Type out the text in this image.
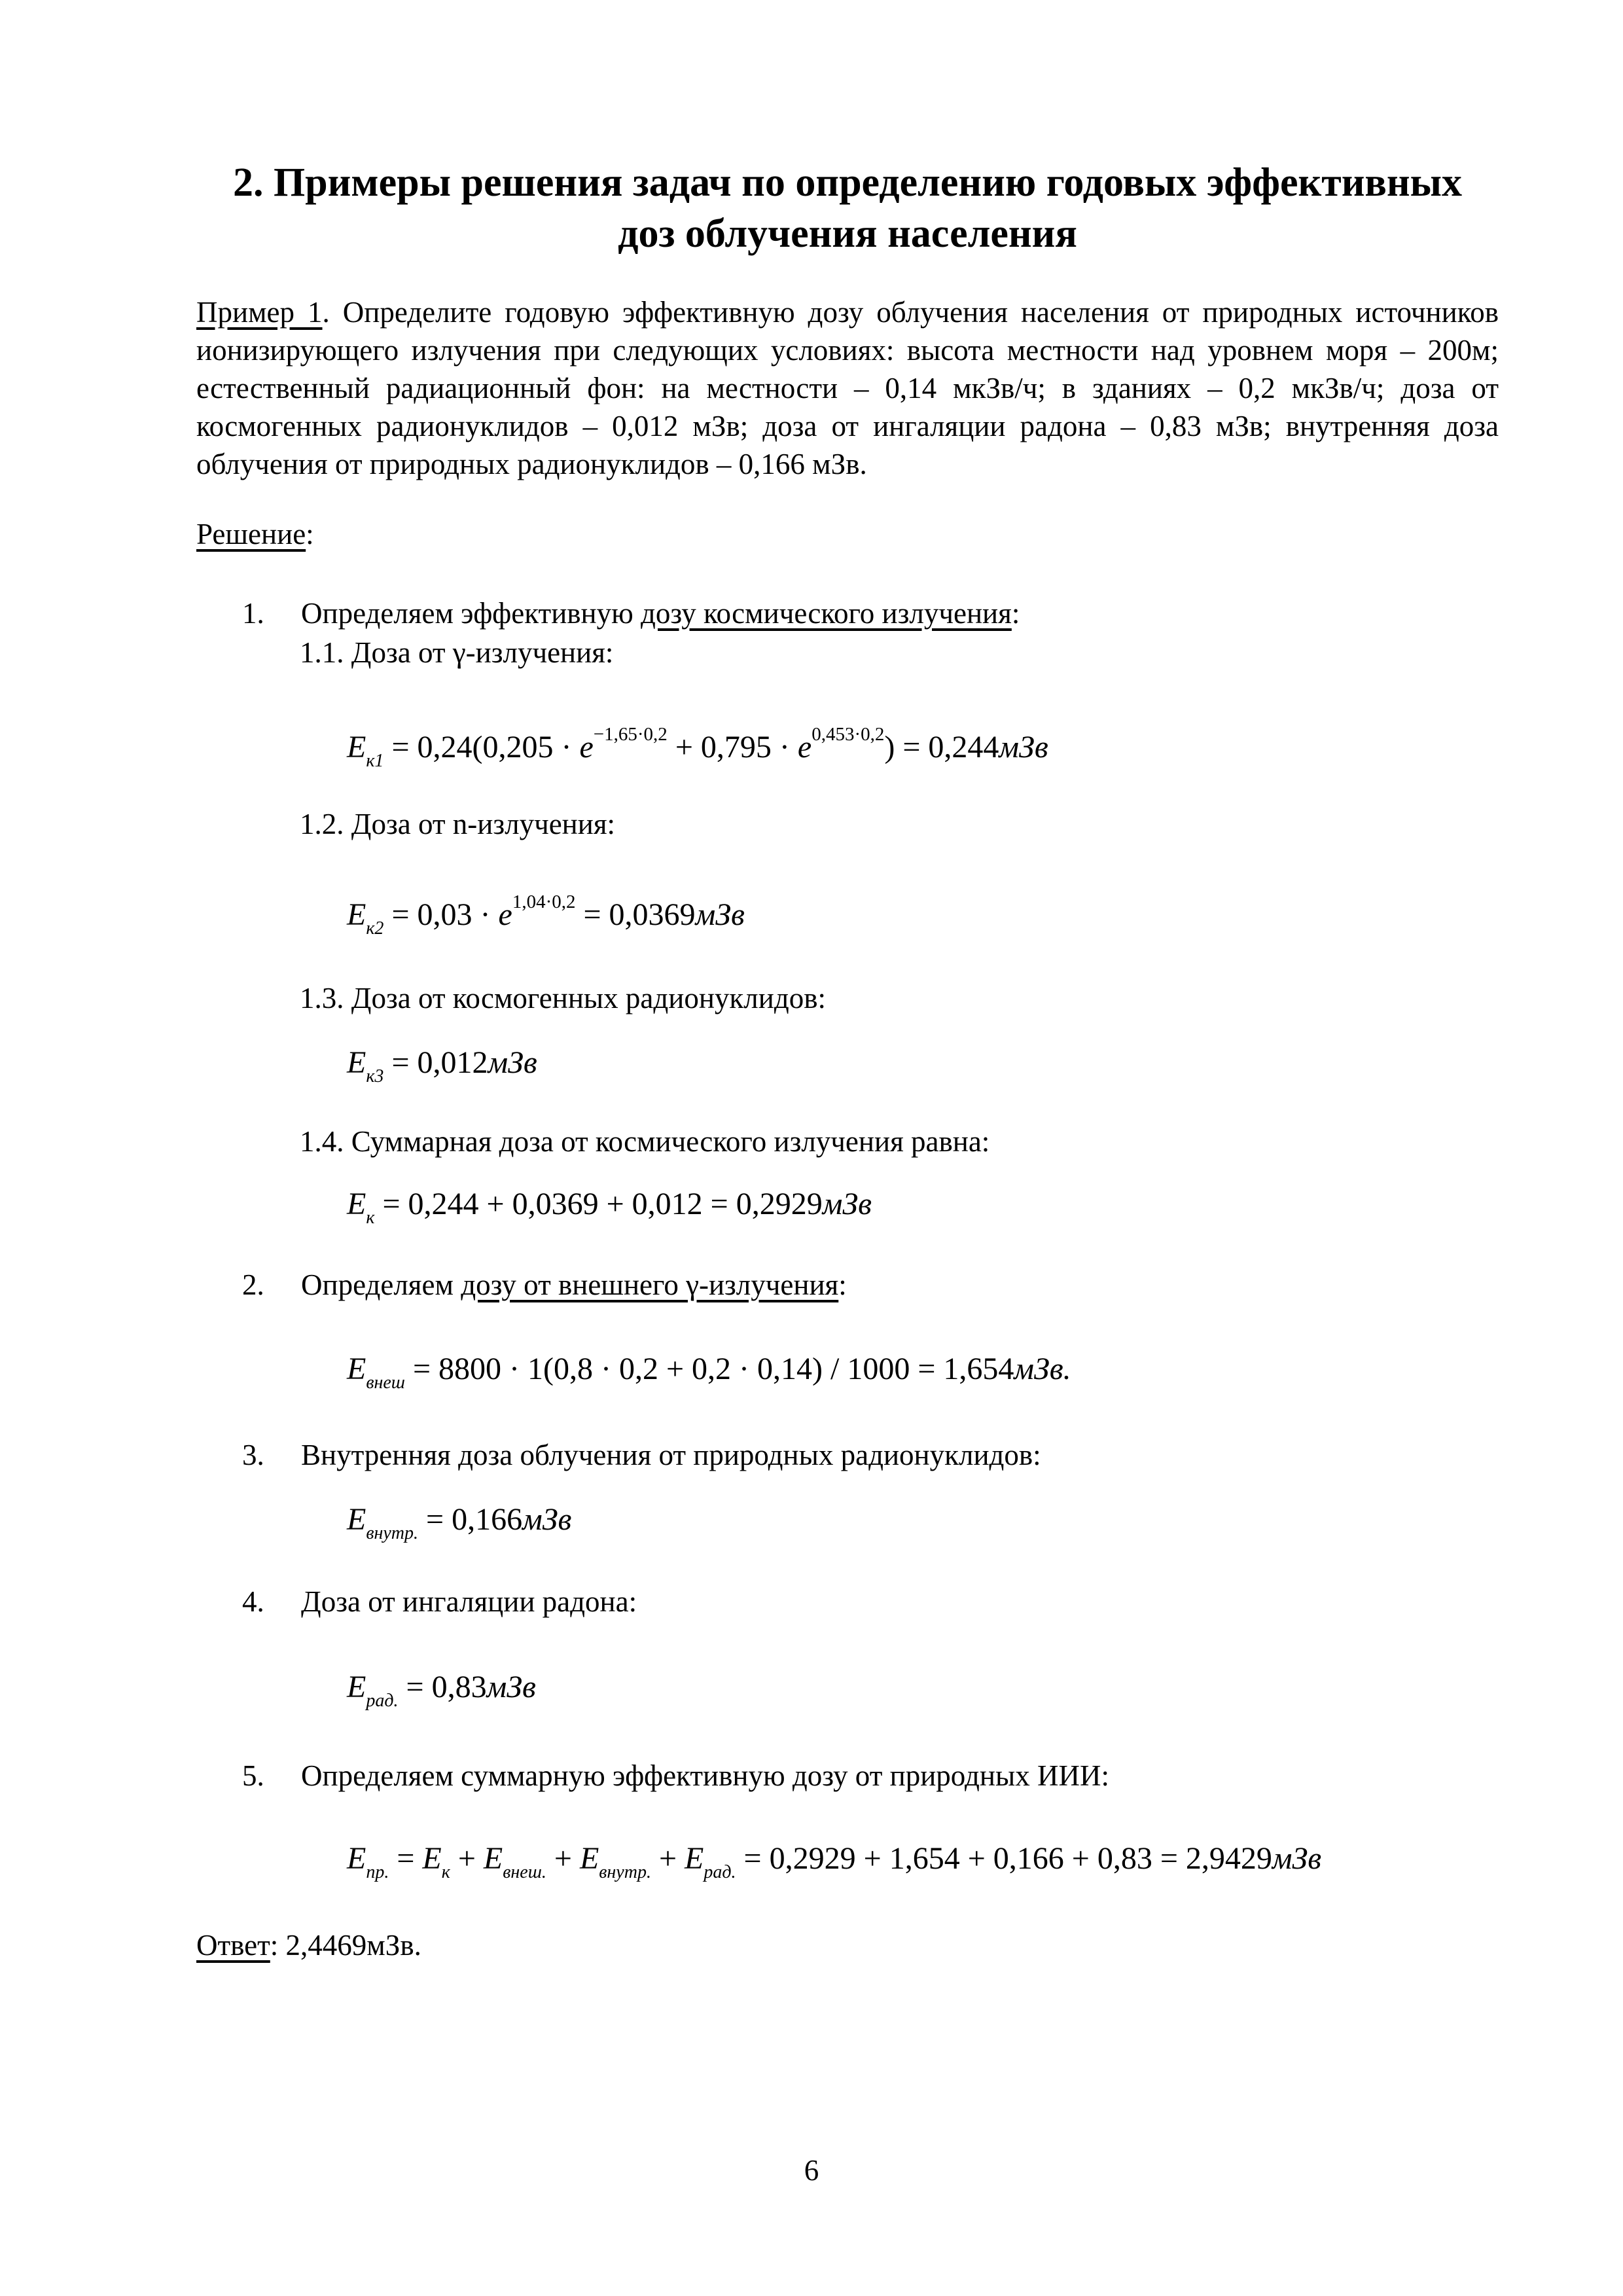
2. Примеры решения задач по определению годовых эффективных
доз облучения населения
Пример 1. Определите годовую эффективную дозу облучения населения от природных источников ионизирующего излучения при следующих условиях: высота местности над уровнем моря – 200м; естественный радиационный фон: на местности – 0,14 мкЗв/ч; в зданиях – 0,2 мкЗв/ч; доза от космогенных радионуклидов – 0,012 мЗв; доза от ингаляции радона – 0,83 мЗв; внутренняя доза облучения от природных радионуклидов – 0,166 мЗв.
Решение:
1. Определяем эффективную дозу космического излучения:
1.1. Доза от γ-излучения:
$E_{к1} = 0,24(0,205 \cdot e^{-1,65\cdot 0,2} + 0,795 \cdot e^{0,453\cdot 0,2}) = 0,244мЗв$
1.2. Доза от n-излучения:
$E_{к2} = 0,03 \cdot e^{1,04\cdot 0,2} = 0,0369мЗв$
1.3. Доза от космогенных радионуклидов:
$E_{к3} = 0,012мЗв$
1.4. Суммарная доза от космического излучения равна:
$E_к = 0,244 + 0,0369 + 0,012 = 0,2929мЗв$
2. Определяем дозу от внешнего γ-излучения:
$E_{внеш} = 8800 \cdot 1(0,8 \cdot 0,2 + 0,2 \cdot 0,14) / 1000 = 1,654мЗв$.
3. Внутренняя доза облучения от природных радионуклидов:
$E_{внутр.} = 0,166мЗв$
4. Доза от ингаляции радона:
$E_{рад.} = 0,83мЗв$
5. Определяем суммарную эффективную дозу от природных ИИИ:
$E_{пр.} = E_к + E_{внеш.} + E_{внутр.} + E_{рад.} = 0,2929 + 1,654 + 0,166 + 0,83 = 2,9429мЗв$
Ответ: 2,4469мЗв.
6
